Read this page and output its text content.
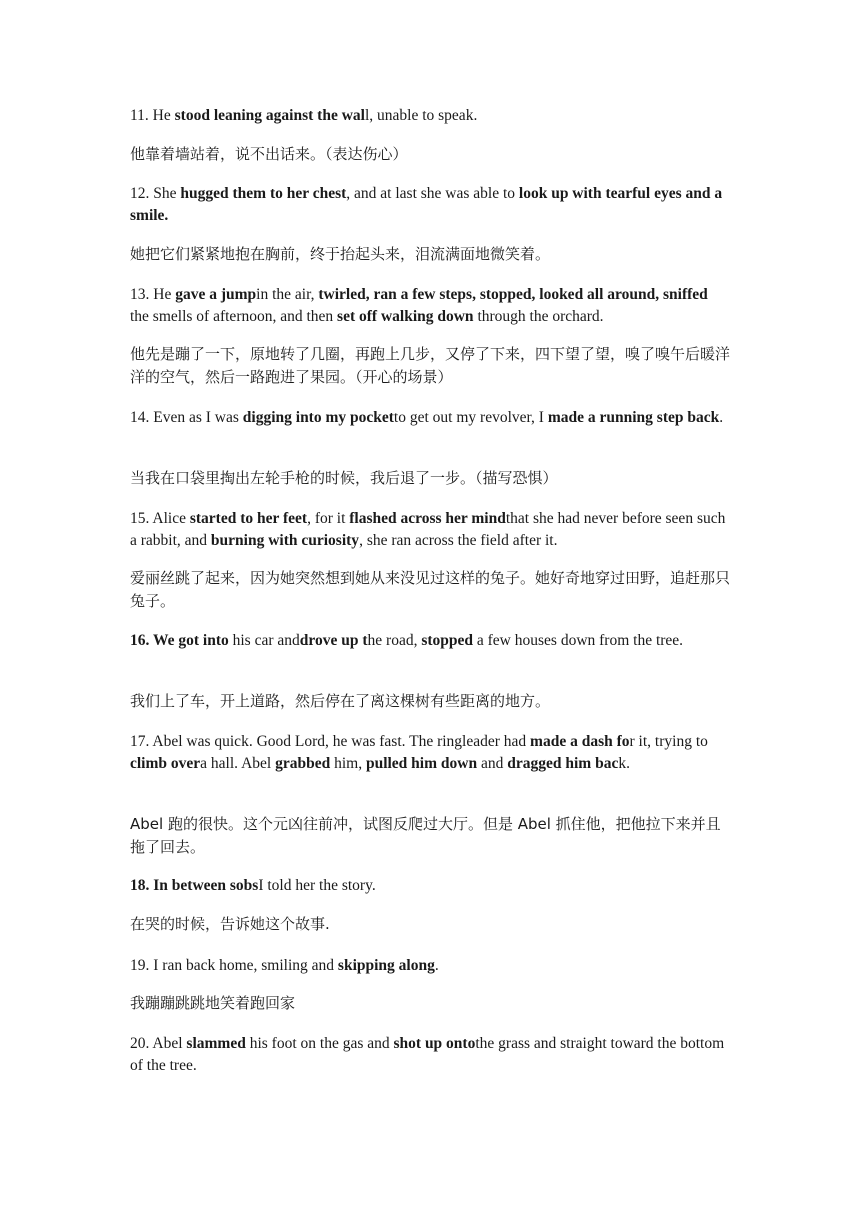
11. He stood leaning against the wall, unable to speak.

他靠着墙站着，说不出话来。（表达伤心）

12. She hugged them to her chest, and at last she was able to look up with tearful eyes and a smile.

她把它们紧紧地抱在胸前，终于抬起头来，泪流满面地微笑着。

13. He gave a jumpin the air, twirled, ran a few steps, stopped, looked all around, sniffed the smells of afternoon, and then set off walking down through the orchard.

他先是蹦了一下，原地转了几圈，再跑上几步，又停了下来，四下望了望，嗅了嗅午后暖洋洋的空气，然后一路跑进了果园。（开心的场景）

14. Even as I was digging into my pocketto get out my revolver, I made a running step back.

当我在口袋里掏出左轮手枪的时候，我后退了一步。（描写恐惧）

15. Alice started to her feet, for it flashed across her mindthat she had never before seen such a rabbit, and burning with curiosity, she ran across the field after it.

爱丽丝跳了起来，因为她突然想到她从来没见过这样的兔子。她好奇地穿过田野，追赶那只兔子。

16. We got into his car anddrove up the road, stopped a few houses down from the tree.

我们上了车，开上道路，然后停在了离这棵树有些距离的地方。

17. Abel was quick. Good Lord, he was fast. The ringleader had made a dash for it, trying to climb overa hall. Abel grabbed him, pulled him down and dragged him back.

Abel 跑的很快。这个元凶往前冲，试图反爬过大厅。但是 Abel 抓住他，把他拉下来并且拖了回去。

18. In between sobsI told her the story.

在哭的时候，告诉她这个故事.

19. I ran back home, smiling and skipping along.

我蹦蹦跳跳地笑着跑回家

20. Abel slammed his foot on the gas and shot up ontothe grass and straight toward the bottom of the tree.
